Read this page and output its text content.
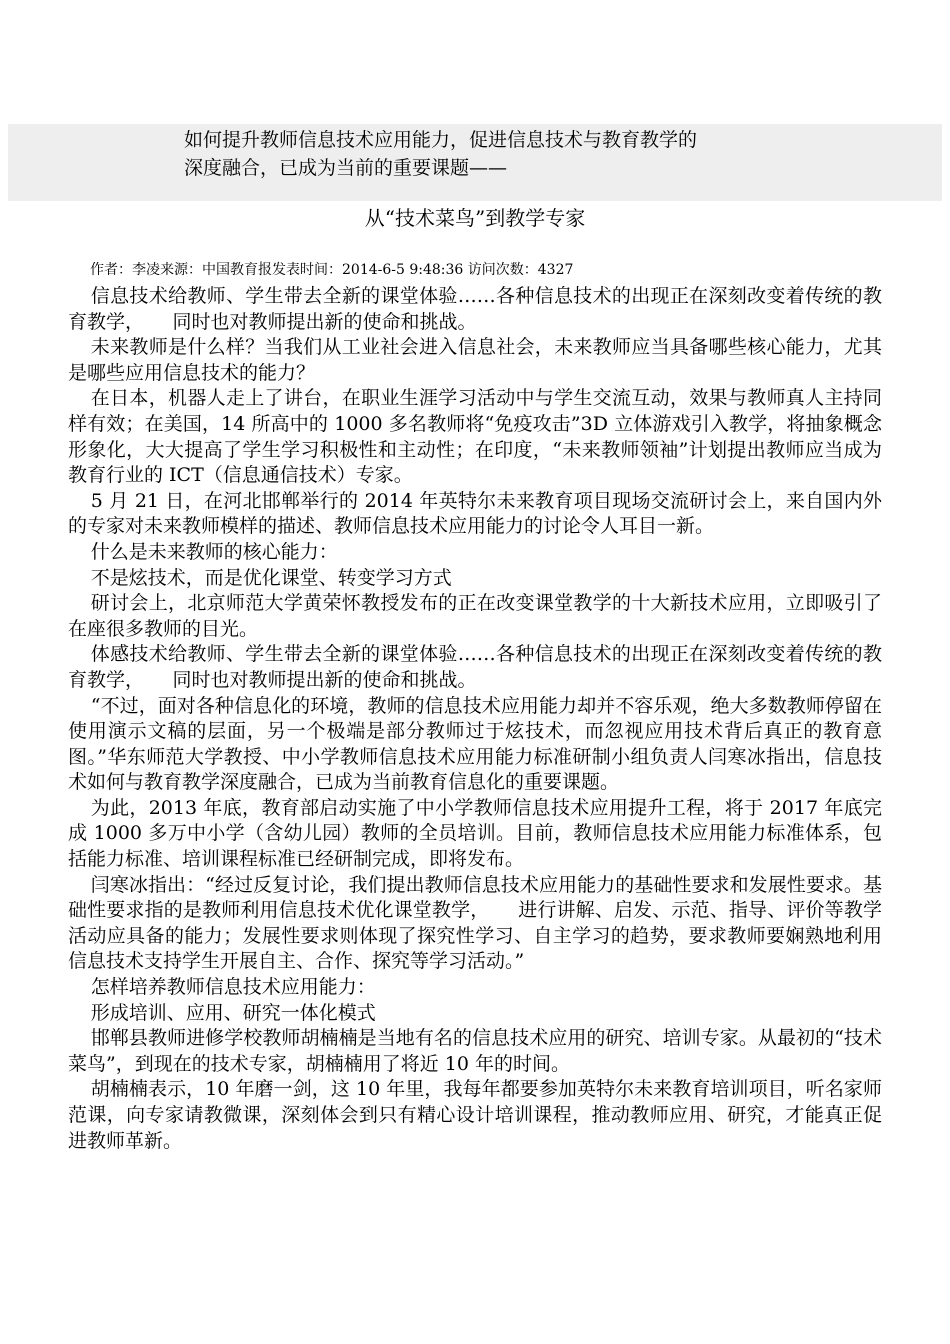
如何提升教师信息技术应用能力，促进信息技术与教育教学的
深度融合，已成为当前的重要课题——
从“技术菜鸟”到教学专家
作者：李凌来源：中国教育报发表时间：2014-6-5 9:48:36 访问次数：4327

信息技术给教师、学生带去全新的课堂体验……各种信息技术的出现正在深刻改变着传统的教育教学，　　同时也对教师提出新的使命和挑战。

未来教师是什么样？当我们从工业社会进入信息社会，未来教师应当具备哪些核心能力，尤其是哪些应用信息技术的能力？

在日本，机器人走上了讲台，在职业生涯学习活动中与学生交流互动，效果与教师真人主持同样有效；在美国，14 所高中的 1000 多名教师将“免疫攻击”3D 立体游戏引入教学，将抽象概念形象化，大大提高了学生学习积极性和主动性；在印度，“未来教师领袖”计划提出教师应当成为教育行业的 ICT（信息通信技术）专家。

5 月 21 日，在河北邯郸举行的 2014 年英特尔未来教育项目现场交流研讨会上，来自国内外的专家对未来教师模样的描述、教师信息技术应用能力的讨论令人耳目一新。

什么是未来教师的核心能力：

不是炫技术，而是优化课堂、转变学习方式

研讨会上，北京师范大学黄荣怀教授发布的正在改变课堂教学的十大新技术应用，立即吸引了在座很多教师的目光。

体感技术给教师、学生带去全新的课堂体验……各种信息技术的出现正在深刻改变着传统的教育教学，　　同时也对教师提出新的使命和挑战。

“不过，面对各种信息化的环境，教师的信息技术应用能力却并不容乐观，绝大多数教师停留在使用演示文稿的层面，另一个极端是部分教师过于炫技术，而忽视应用技术背后真正的教育意图。”华东师范大学教授、中小学教师信息技术应用能力标准研制小组负责人闫寒冰指出，信息技术如何与教育教学深度融合，已成为当前教育信息化的重要课题。

为此，2013 年底，教育部启动实施了中小学教师信息技术应用提升工程，将于 2017 年底完成 1000 多万中小学（含幼儿园）教师的全员培训。目前，教师信息技术应用能力标准体系，包括能力标准、培训课程标准已经研制完成，即将发布。

闫寒冰指出：“经过反复讨论，我们提出教师信息技术应用能力的基础性要求和发展性要求。基础性要求指的是教师利用信息技术优化课堂教学，　　进行讲解、启发、示范、指导、评价等教学活动应具备的能力；发展性要求则体现了探究性学习、自主学习的趋势，要求教师要娴熟地利用信息技术支持学生开展自主、合作、探究等学习活动。”

怎样培养教师信息技术应用能力：

形成培训、应用、研究一体化模式

邯郸县教师进修学校教师胡楠楠是当地有名的信息技术应用的研究、培训专家。从最初的“技术菜鸟”，到现在的技术专家，胡楠楠用了将近 10 年的时间。

胡楠楠表示，10 年磨一剑，这 10 年里，我每年都要参加英特尔未来教育培训项目，听名家师范课，向专家请教微课，深刻体会到只有精心设计培训课程，推动教师应用、研究，才能真正促进教师革新。
